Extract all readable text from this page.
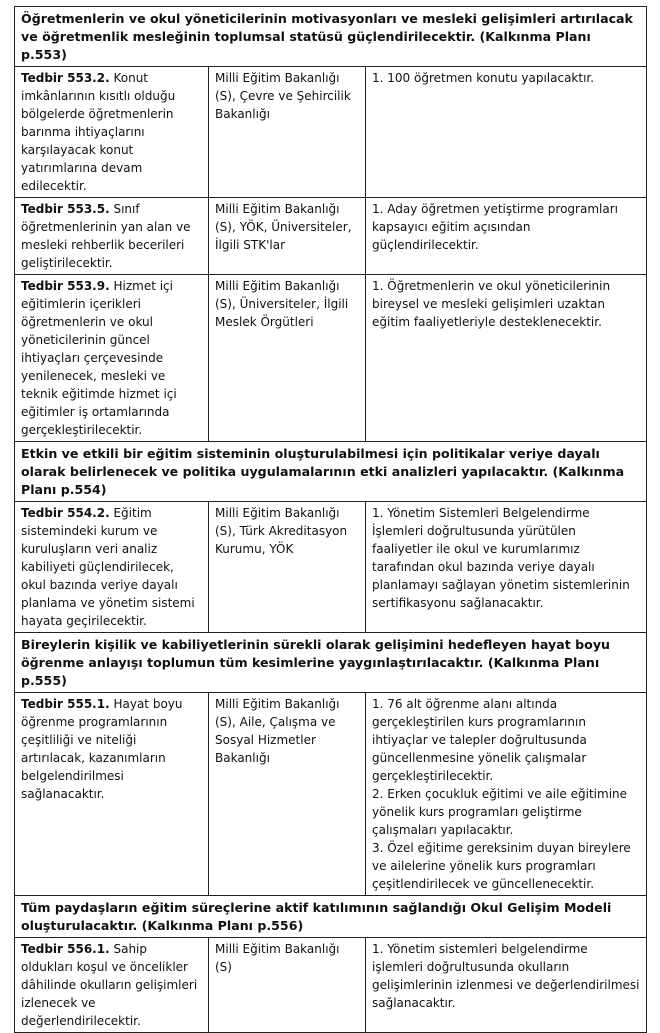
Öğretmenlerin ve okul yöneticilerinin motivasyonları ve mesleki gelişimleri artırılacak ve öğretmenlik mesleğinin toplumsal statüsü güçlendirilecektir. (Kalkınma Planı p.553)		
Tedbir 553.2. Konut imkânlarının kısıtlı olduğu bölgelerde öğretmenlerin barınma ihtiyaçlarını karşılayacak konut yatırımlarına devam edilecektir.	Milli Eğitim Bakanlığı (S), Çevre ve Şehircilik Bakanlığı	1. 100 öğretmen konutu yapılacaktır.

Tedbir 553.5. Sınıf öğretmenlerinin yan alan ve mesleki rehberlik becerileri geliştirilecektir.	Milli Eğitim Bakanlığı (S), YÖK, Üniversiteler, İlgili STK'lar	1. Aday öğretmen yetiştirme programları kapsayıcı eğitim açısından güçlendirilecektir.

Tedbir 553.9. Hizmet içi eğitimlerin içerikleri öğretmenlerin ve okul yöneticilerinin güncel ihtiyaçları çerçevesinde yenilenecek, mesleki ve teknik eğitimde hizmet içi eğitimler iş ortamlarında gerçekleştirilecektir.	Milli Eğitim Bakanlığı (S), Üniversiteler, İlgili Meslek Örgütleri	1. Öğretmenlerin ve okul yöneticilerinin bireysel ve mesleki gelişimleri uzaktan eğitim faaliyetleriyle desteklenecektir.

Etkin ve etkili bir eğitim sisteminin oluşturulabilmesi için politikalar veriye dayalı olarak belirlenecek ve politika uygulamalarının etki analizleri yapılacaktır. (Kalkınma Planı p.554)		
Tedbir 554.2. Eğitim sistemindeki kurum ve kuruluşların veri analiz kabiliyeti güçlendirilecek, okul bazında veriye dayalı planlama ve yönetim sistemi hayata geçirilecektir.	Milli Eğitim Bakanlığı (S), Türk Akreditasyon Kurumu, YÖK	1. Yönetim Sistemleri Belgelendirme İşlemleri doğrultusunda yürütülen faaliyetler ile okul ve kurumlarımız tarafından okul bazında veriye dayalı planlamayı sağlayan yönetim sistemlerinin sertifikasyonu sağlanacaktır.

Bireylerin kişilik ve kabiliyetlerinin sürekli olarak gelişimini hedefleyen hayat boyu öğrenme anlayışı toplumun tüm kesimlerine yaygınlaştırılacaktır. (Kalkınma Planı p.555)		
Tedbir 555.1. Hayat boyu öğrenme programlarının çeşitliliği ve niteliği artırılacak, kazanımların belgelendirilmesi sağlanacaktır.	Milli Eğitim Bakanlığı (S), Aile, Çalışma ve Sosyal Hizmetler Bakanlığı	1. 76 alt öğrenme alanı altında gerçekleştirilen kurs programlarının ihtiyaçlar ve talepler doğrultusunda güncellenmesine yönelik çalışmalar gerçekleştirilecektir.
2. Erken çocukluk eğitimi ve aile eğitimine yönelik kurs programları geliştirme çalışmaları yapılacaktır.
3. Özel eğitime gereksinim duyan bireylere ve ailelerine yönelik kurs programları çeşitlendirilecek ve güncellenecektir.

Tüm paydaşların eğitim süreçlerine aktif katılımının sağlandığı Okul Gelişim Modeli oluşturulacaktır. (Kalkınma Planı p.556)		
Tedbir 556.1. Sahip oldukları koşul ve öncelikler dâhilinde okulların gelişimleri izlenecek ve değerlendirilecektir.	Milli Eğitim Bakanlığı (S)	1. Yönetim sistemleri belgelendirme işlemleri doğrultusunda okulların gelişimlerinin izlenmesi ve değerlendirilmesi sağlanacaktır.
